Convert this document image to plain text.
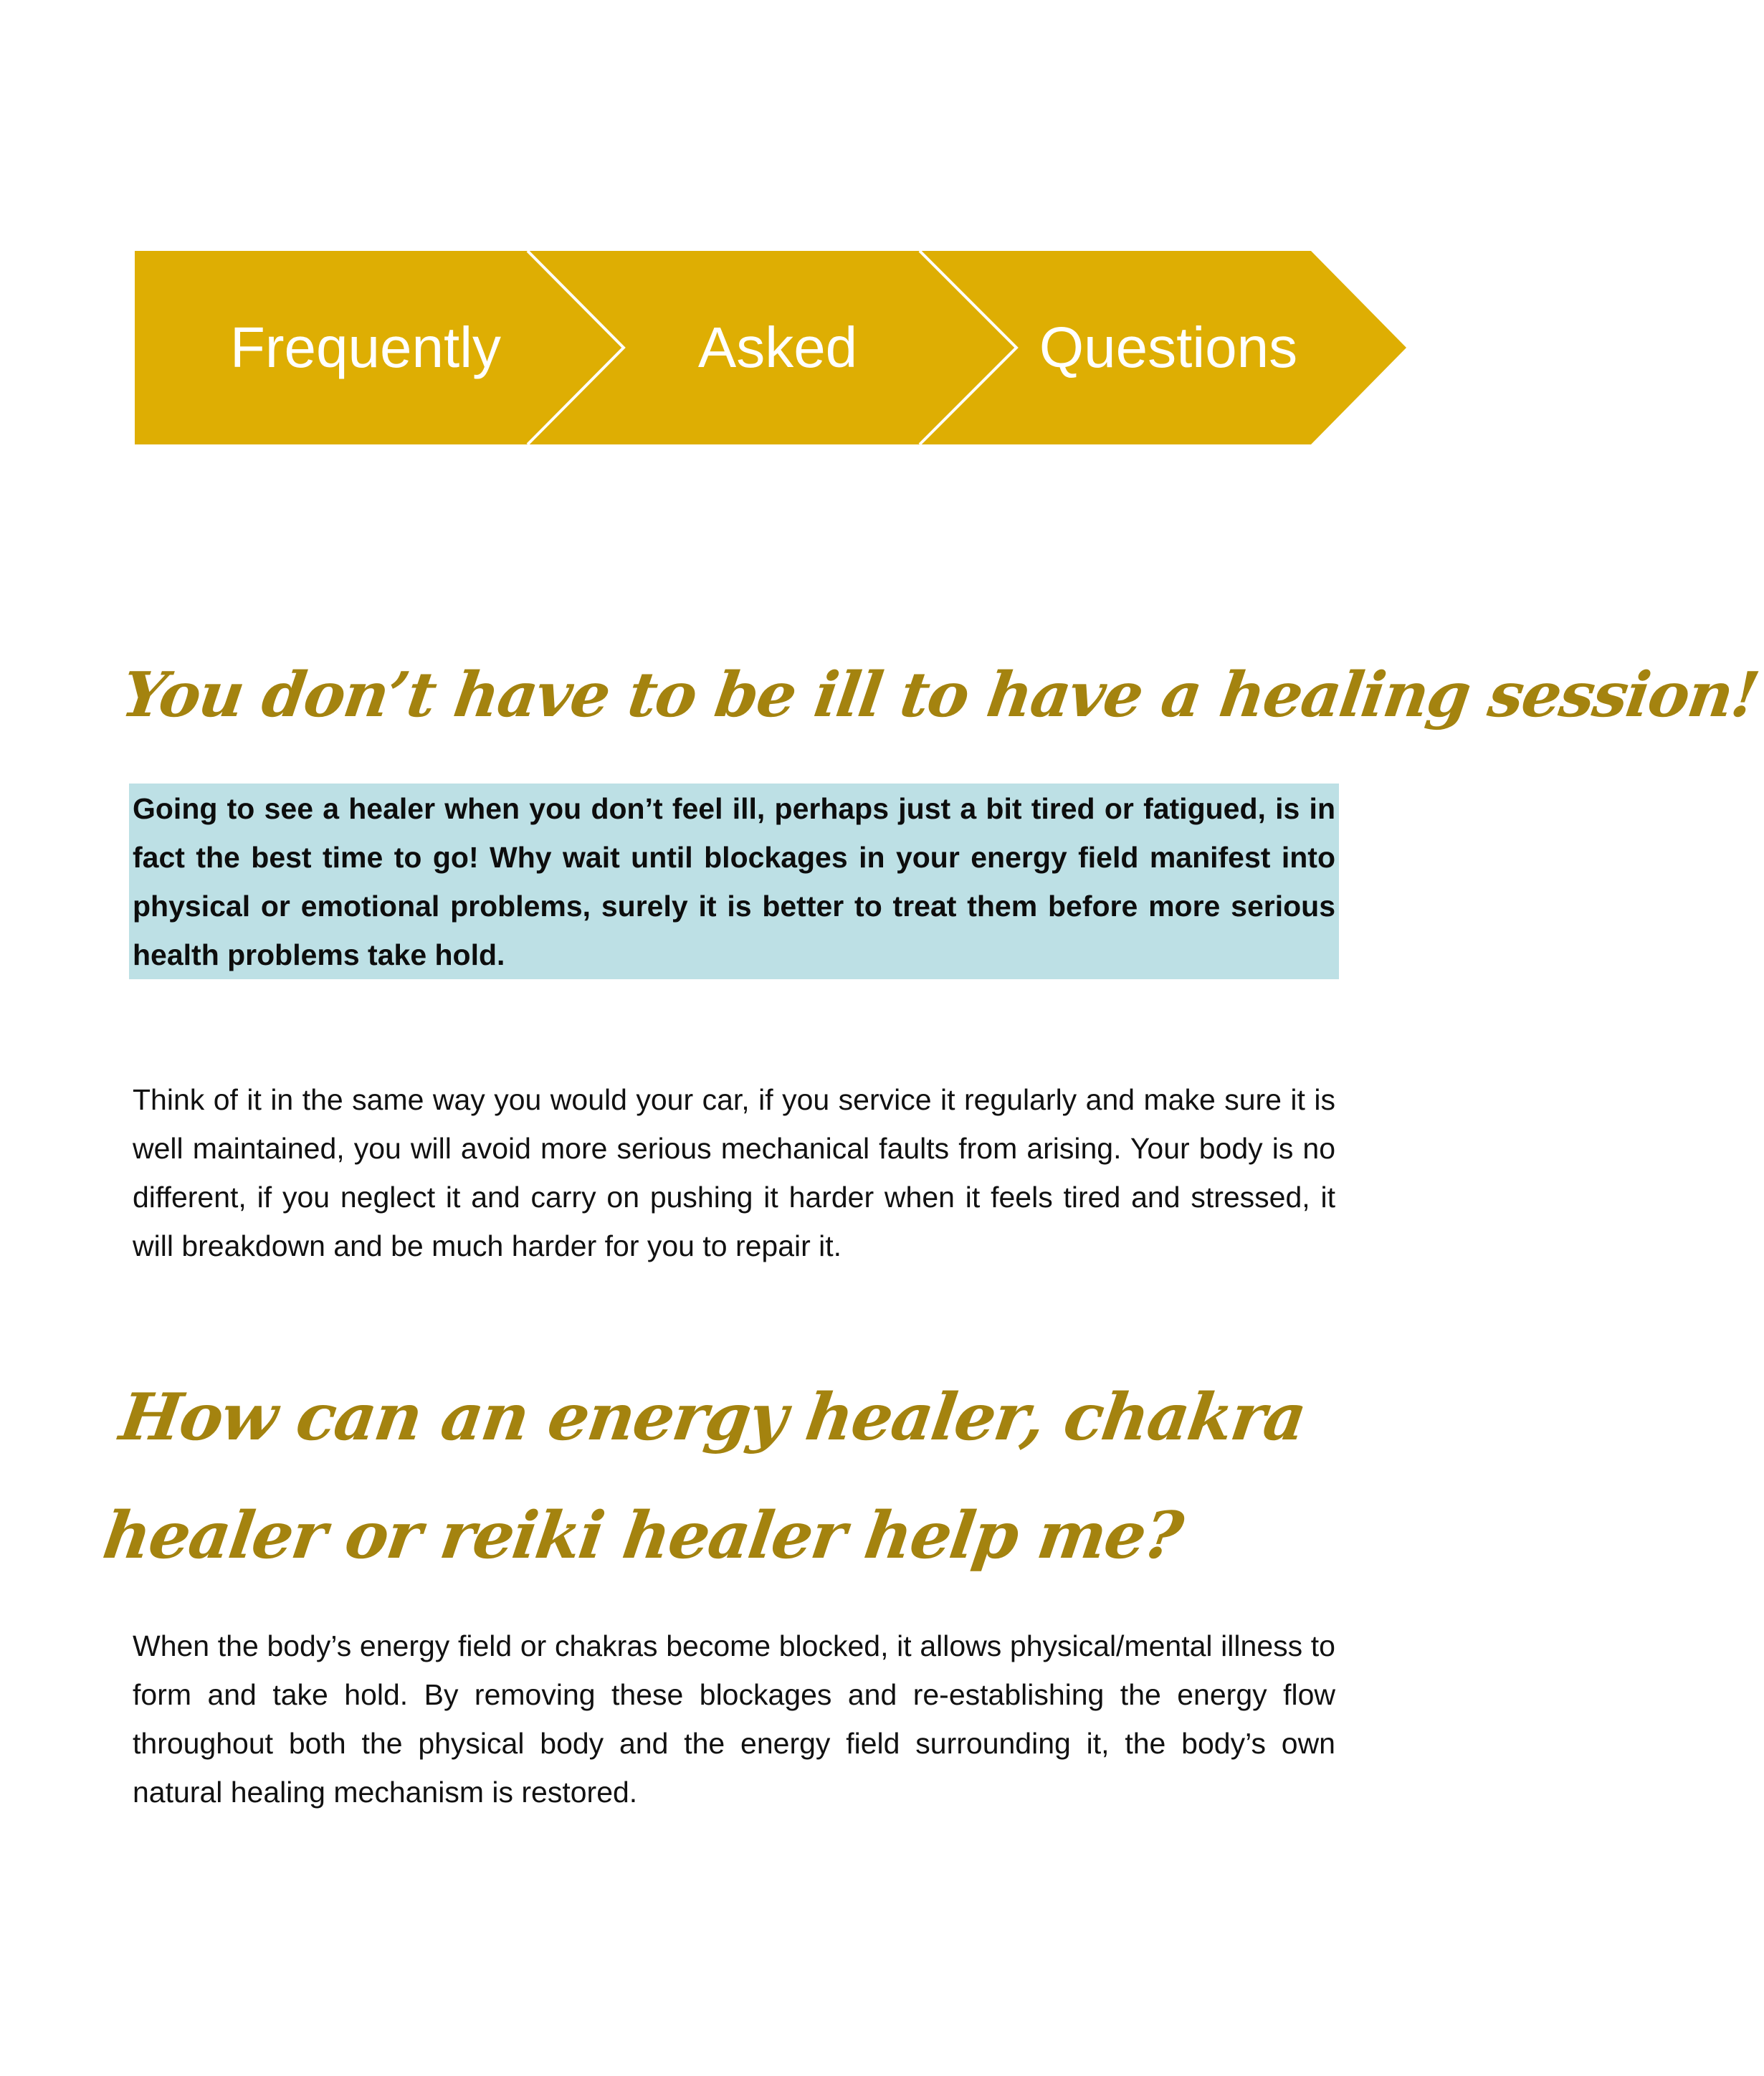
Frequently	Asked	Questions
You don’t have to be ill to have a healing session!

Going to see a healer when you don’t feel ill, perhaps just a bit tired or fatigued, is in fact the best time to go! Why wait until blockages in your energy field manifest into physical or emotional problems, surely it is better to treat them before more serious health problems take hold.

Think of it in the same way you would your car, if you service it regularly and make sure it is well maintained, you will avoid more serious mechanical faults from arising. Your body is no different, if you neglect it and carry on pushing it harder when it feels tired and stressed, it will breakdown and be much harder for you to repair it.

How can an energy healer, chakra healer or reiki healer help me?

When the body’s energy field or chakras become blocked, it allows physical/mental illness to form and take hold. By removing these blockages and re-establishing the energy flow throughout both the physical body and the energy field surrounding it, the body’s own natural healing mechanism is restored.
